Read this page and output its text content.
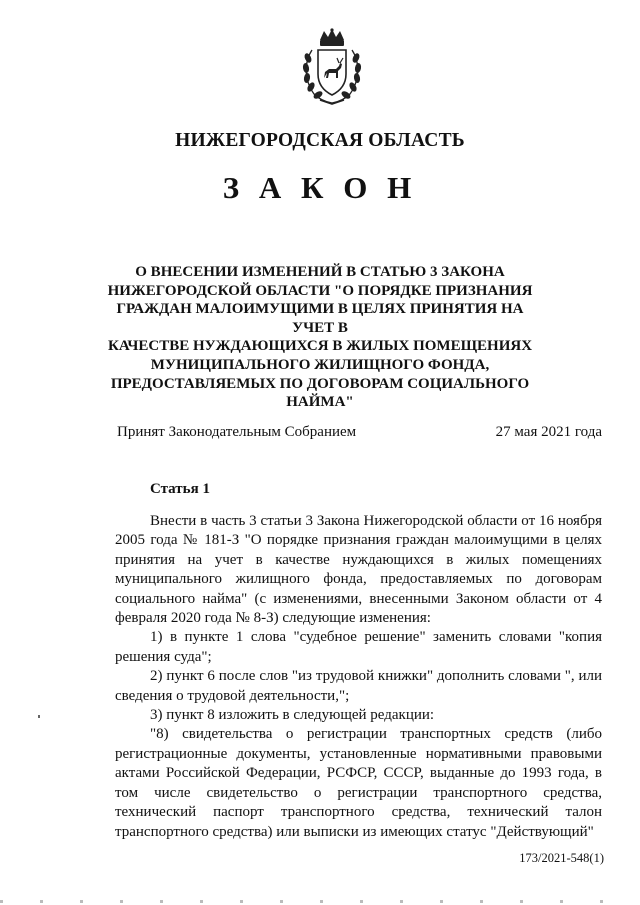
НИЖЕГОРОДСКАЯ ОБЛАСТЬ
З А К О Н
О ВНЕСЕНИИ ИЗМЕНЕНИЙ В СТАТЬЮ 3 ЗАКОНА
НИЖЕГОРОДСКОЙ ОБЛАСТИ "О ПОРЯДКЕ ПРИЗНАНИЯ
ГРАЖДАН МАЛОИМУЩИМИ В ЦЕЛЯХ ПРИНЯТИЯ НА УЧЕТ В
КАЧЕСТВЕ НУЖДАЮЩИХСЯ В ЖИЛЫХ ПОМЕЩЕНИЯХ
МУНИЦИПАЛЬНОГО ЖИЛИЩНОГО ФОНДА,
ПРЕДОСТАВЛЯЕМЫХ ПО ДОГОВОРАМ СОЦИАЛЬНОГО
НАЙМА"
Принят Законодательным Собранием	27 мая 2021 года
Статья 1

Внести в часть 3 статьи 3 Закона Нижегородской области от 16 ноября 2005 года № 181-З "О порядке признания граждан малоимущими в целях принятия на учет в качестве нуждающихся в жилых помещениях муниципального жилищного фонда, предоставляемых по договорам социального найма" (с изменениями, внесенными Законом области от 4 февраля 2020 года № 8-З) следующие изменения:

1) в пункте 1 слова "судебное решение" заменить словами "копия решения суда";

2) пункт 6 после слов "из трудовой книжки" дополнить словами ", или сведения о трудовой деятельности,";

3) пункт 8 изложить в следующей редакции:

"8) свидетельства о регистрации транспортных средств (либо регистрационные документы, установленные нормативными правовыми актами Российской Федерации, РСФСР, СССР, выданные до 1993 года, в том числе свидетельство о регистрации транспортного средства, технический паспорт транспортного средства, технический талон транспортного средства) или выписки из имеющих статус "Действующий"

173/2021-548(1)
